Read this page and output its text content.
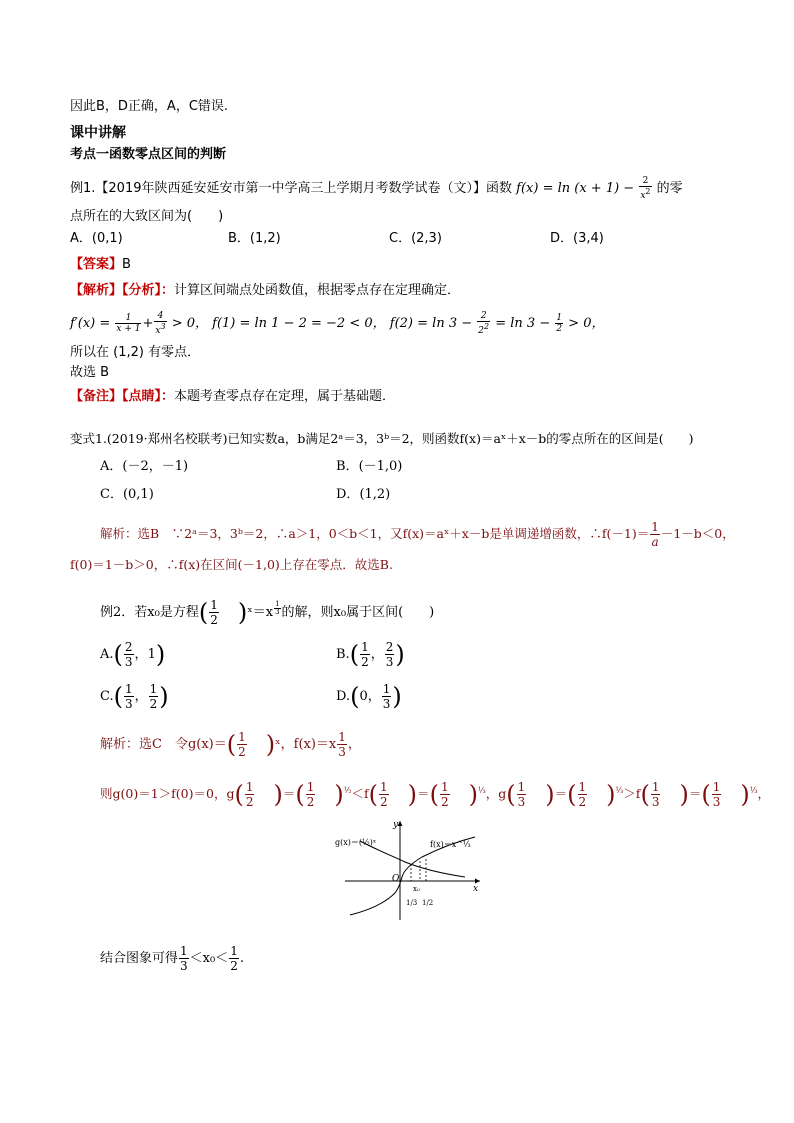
因此B，D正确，A，C错误.
课中讲解
考点一函数零点区间的判断
例1.【2019年陕西延安延安市第一中学高三上学期月考数学试卷（文）】函数 $f(x) = \ln (x + 1) - \frac{2}{x^2}$ 的零
点所在的大致区间为(　　)
A．(0,1)	B．(1,2)	C．(2,3)	D．(3,4)
【答案】B
【解析】【分析】：计算区间端点处函数值，根据零点存在定理确定．
$f'(x) = \frac{1}{x + 1} + \frac{4}{x^3} > 0$， f(1) = ln 1 − 2 = −2 < 0， $f(2) = \ln 3 - \frac{2}{2^2} = \ln 3 - \frac{1}{2} > 0$，
所以在 (1,2) 有零点．
故选 B
【备注】【点睛】：本题考查零点存在定理，属于基础题．
变式1.(2019·郑州名校联考)已知实数a，b满足2ᵃ＝3，3ᵇ＝2，则函数f(x)＝aˣ＋x－b的零点所在的区间是(　　)
A．(－2，－1)	B．(－1,0)
C．(0,1)	D．(1,2)
解析：选B　∵2ᵃ＝3，3ᵇ＝2，∴a＞1，0＜b＜1，又f(x)＝aˣ＋x－b是单调递增函数，∴f(－1)＝ $\frac{1}{a} -1-b<0$，
f(0)＝1－b＞0，∴f(x)在区间(－1,0)上存在零点．故选B.
例2．若x₀是方程( $\frac{1}{2}$ )ˣ＝x $^{\frac{1}{3}}$ 的解，则x₀属于区间(　　)
$A.( \frac{2}{3}$ ，1)	$B.( \frac{1}{2}$ ， $\frac{2}{3}$ )
$C.( \frac{1}{3}$ ， $\frac{1}{2}$ )	D.(0， $\frac{1}{3}$ )
解析：选C　令$g(x)=( \frac{1}{2}$ )ˣ，$f(x)=x \frac{1}{3}$ ，
则g(0)＝1＞f(0)＝0，$g( \frac{1}{2}$ )＝( $\frac{1}{2} )^{\frac{1}{2}}<f( \frac{1}{2}$ )＝( $\frac{1}{2} )^{\frac{1}{3}}$，$g( \frac{1}{3}$ )＝( $\frac{1}{2} )^{\frac{1}{3}}>f( \frac{1}{3}$ )＝( $\frac{1}{3} )^{\frac{1}{3}}$，
g(x)＝(½)ˣ	f(x)＝x^⅓
O
x
y
x₀
1/3 1/2
结合图象可得 $\frac{1}{3} <x_0< \frac{1}{2}$ .
